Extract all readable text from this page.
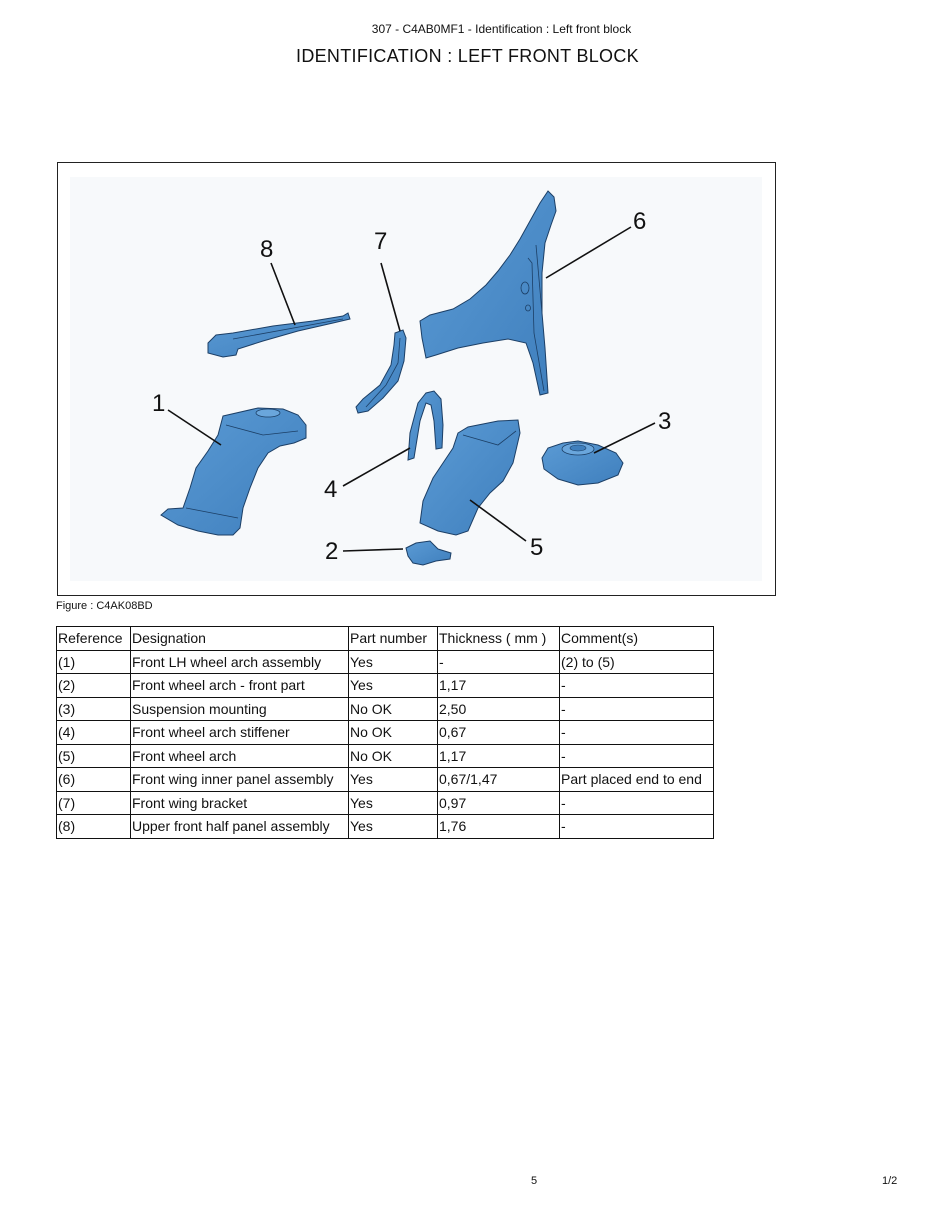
307 - C4AB0MF1 - Identification : Left front block
IDENTIFICATION : LEFT FRONT BLOCK
8	7
6
1
3
4
5
2
Figure : C4AK08BD
Reference	Designation	Part number	Thickness ( mm )	Comment(s)
(1)	Front LH wheel arch assembly	Yes	-	(2) to (5)
(2)	Front wheel arch - front part	Yes	1,17	-
(3)	Suspension mounting	No OK	2,50	-
(4)	Front wheel arch stiffener	No OK	0,67	-
(5)	Front wheel arch	No OK	1,17	-
(6)	Front wing inner panel assembly	Yes	0,67/1,47	Part placed end to end
(7)	Front wing bracket	Yes	0,97	-
(8)	Upper front half panel assembly	Yes	1,76	-
5	1/2
